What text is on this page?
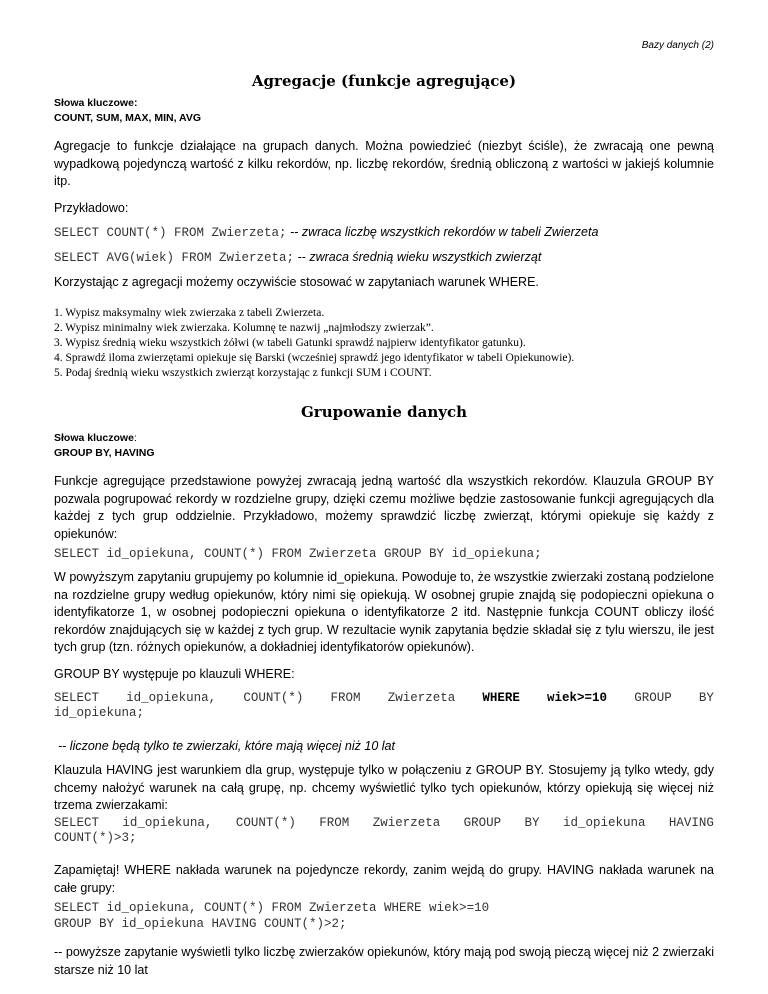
Bazy danych (2)
Agregacje (funkcje agregujące)

Słowa kluczowe:

COUNT, SUM, MAX, MIN, AVG

Agregacje to funkcje działające na grupach danych. Można powiedzieć (niezbyt ściśle), że zwracają one pewną wypadkową pojedynczą wartość z kilku rekordów, np. liczbę rekordów, średnią obliczoną z wartości w jakiejś kolumnie itp.

Przykładowo:

SELECT COUNT(*) FROM Zwierzeta; -- zwraca liczbę wszystkich rekordów w tabeli Zwierzeta

SELECT AVG(wiek) FROM Zwierzeta; -- zwraca średnią wieku wszystkich zwierząt

Korzystając z agregacji możemy oczywiście stosować w zapytaniach warunek WHERE.

1. Wypisz maksymalny wiek zwierzaka z tabeli Zwierzeta.
2. Wypisz minimalny wiek zwierzaka. Kolumnę te nazwij „najmłodszy zwierzak”.
3. Wypisz średnią wieku wszystkich żółwi (w tabeli Gatunki sprawdź najpierw identyfikator gatunku).
4. Sprawdź iloma zwierzętami opiekuje się Barski (wcześniej sprawdź jego identyfikator w tabeli Opiekunowie).
5. Podaj średnią wieku wszystkich zwierząt korzystając z funkcji SUM i COUNT.
Grupowanie danych

Słowa kluczowe:

GROUP BY, HAVING

Funkcje agregujące przedstawione powyżej zwracają jedną wartość dla wszystkich rekordów. Klauzula GROUP BY pozwala pogrupować rekordy w rozdzielne grupy, dzięki czemu możliwe będzie zastosowanie funkcji agregujących dla każdej z tych grup oddzielnie. Przykładowo, możemy sprawdzić liczbę zwierząt, którymi opiekuje się każdy z opiekunów:

SELECT id_opiekuna, COUNT(*) FROM Zwierzeta GROUP BY id_opiekuna;

W powyższym zapytaniu grupujemy po kolumnie id_opiekuna. Powoduje to, że wszystkie zwierzaki zostaną podzielone na rozdzielne grupy według opiekunów, który nimi się opiekują. W osobnej grupie znajdą się podopieczni opiekuna o identyfikatorze 1, w osobnej podopieczni opiekuna o identyfikatorze 2 itd. Następnie funkcja COUNT obliczy ilość rekordów znajdujących się w każdej z tych grup. W rezultacie wynik zapytania będzie składał się z tylu wierszu, ile jest tych grup (tzn. różnych opiekunów, a dokładniej identyfikatorów opiekunów).

GROUP BY występuje po klauzuli WHERE:

SELECT id_opiekuna, COUNT(*) FROM Zwierzeta WHERE wiek>=10 GROUP BY
id_opiekuna;

-- liczone będą tylko te zwierzaki, które mają więcej niż 10 lat

Klauzula HAVING jest warunkiem dla grup, występuje tylko w połączeniu z GROUP BY. Stosujemy ją tylko wtedy, gdy chcemy nałożyć warunek na całą grupę, np. chcemy wyświetlić tylko tych opiekunów, którzy opiekują się więcej niż trzema zwierzakami:

SELECT id_opiekuna, COUNT(*) FROM Zwierzeta GROUP BY id_opiekuna HAVING
COUNT(*)>3;

Zapamiętaj! WHERE nakłada warunek na pojedyncze rekordy, zanim wejdą do grupy. HAVING nakłada warunek na całe grupy:

SELECT id_opiekuna, COUNT(*) FROM Zwierzeta WHERE wiek>=10
GROUP BY id_opiekuna HAVING COUNT(*)>2;

-- powyższe zapytanie wyświetli tylko liczbę zwierzaków opiekunów, który mają pod swoją pieczą więcej niż 2 zwierzaki starsze niż 10 lat
